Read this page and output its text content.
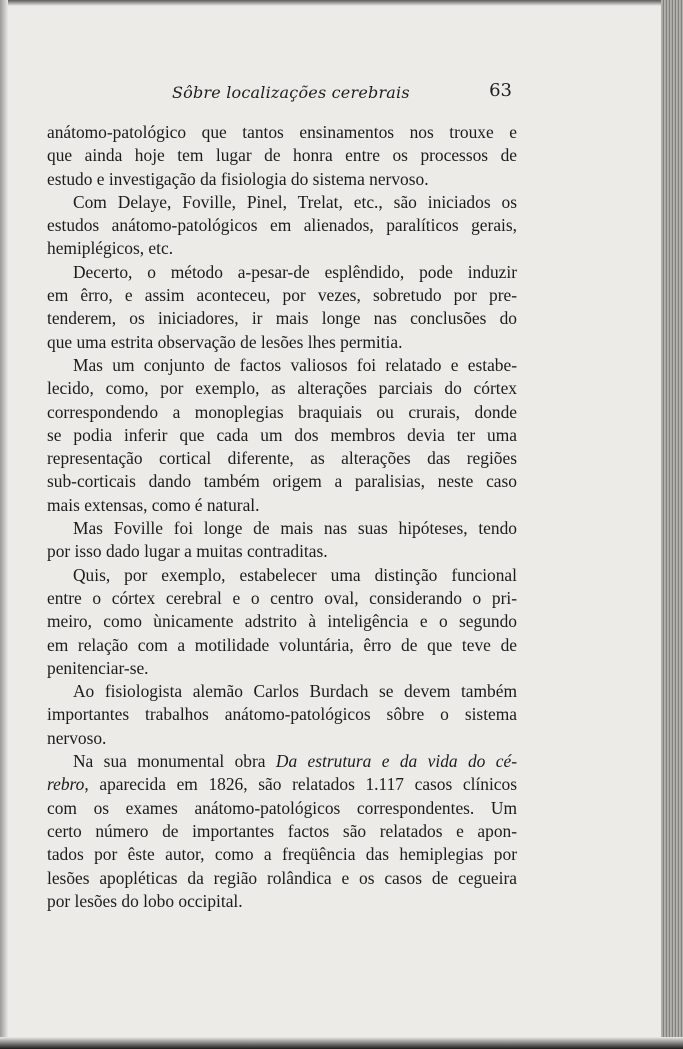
Sôbre localizações cerebrais	63
anátomo-patológico que tantos ensinamentos nos trouxe e
que ainda hoje tem lugar de honra entre os processos de
estudo e investigação da fisiologia do sistema nervoso.
Com Delaye, Foville, Pinel, Trelat, etc., são iniciados os
estudos anátomo-patológicos em alienados, paralíticos gerais,
hemiplégicos, etc.
Decerto, o método a-pesar-de esplêndido, pode induzir
em êrro, e assim aconteceu, por vezes, sobretudo por pre-
tenderem, os iniciadores, ir mais longe nas conclusões do
que uma estrita observação de lesões lhes permitia.
Mas um conjunto de factos valiosos foi relatado e estabe-
lecido, como, por exemplo, as alterações parciais do córtex
correspondendo a monoplegias braquiais ou crurais, donde
se podia inferir que cada um dos membros devia ter uma
representação cortical diferente, as alterações das regiões
sub-corticais dando também origem a paralisias, neste caso
mais extensas, como é natural.
Mas Foville foi longe de mais nas suas hipóteses, tendo
por isso dado lugar a muitas contraditas.
Quis, por exemplo, estabelecer uma distinção funcional
entre o córtex cerebral e o centro oval, considerando o pri-
meiro, como ùnicamente adstrito à inteligência e o segundo
em relação com a motilidade voluntária, êrro de que teve de
penitenciar-se.
Ao fisiologista alemão Carlos Burdach se devem também
importantes trabalhos anátomo-patológicos sôbre o sistema
nervoso.
Na sua monumental obra Da estrutura e da vida do cé-
rebro, aparecida em 1826, são relatados 1.117 casos clínicos
com os exames anátomo-patológicos correspondentes. Um
certo número de importantes factos são relatados e apon-
tados por êste autor, como a freqüência das hemiplegias por
lesões apopléticas da região rolândica e os casos de cegueira
por lesões do lobo occipital.
